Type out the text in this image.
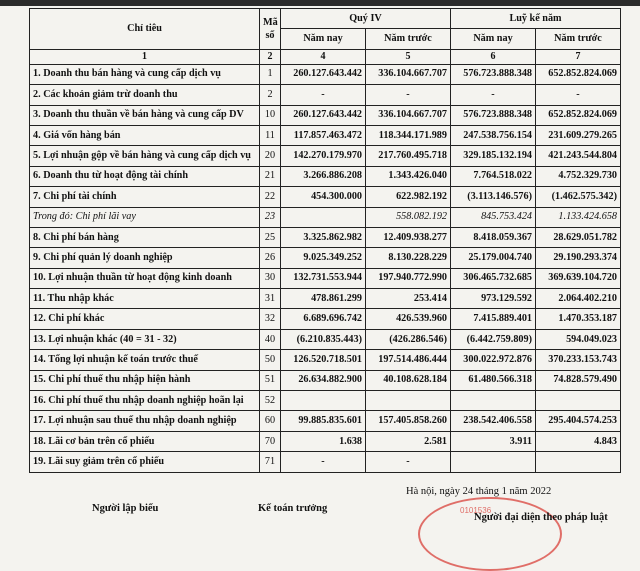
Chỉ tiêu	Mã
số	Quý IV		Luỹ kế năm	
		Năm nay	Năm trước	Năm nay	Năm trước
1	2	4	5	6	7
1. Doanh thu bán hàng và cung cấp dịch vụ	1	260.127.643.442	336.104.667.707	576.723.888.348	652.852.824.069
2. Các khoản giảm trừ doanh thu	2	-	-	-	-
3. Doanh thu thuần về bán hàng và cung cấp DV	10	260.127.643.442	336.104.667.707	576.723.888.348	652.852.824.069
4. Giá vốn hàng bán	11	117.857.463.472	118.344.171.989	247.538.756.154	231.609.279.265
5. Lợi nhuận gộp về bán hàng và cung cấp dịch vụ	20	142.270.179.970	217.760.495.718	329.185.132.194	421.243.544.804
6. Doanh thu từ hoạt động tài chính	21	3.266.886.208	1.343.426.040	7.764.518.022	4.752.329.730
7. Chi phí tài chính	22	454.300.000	622.982.192	(3.113.146.576)	(1.462.575.342)
Trong đó: Chi phí lãi vay	23		558.082.192	845.753.424	1.133.424.658
8. Chi phí bán hàng	25	3.325.862.982	12.409.938.277	8.418.059.367	28.629.051.782
9. Chi phí quản lý doanh nghiệp	26	9.025.349.252	8.130.228.229	25.179.004.740	29.190.293.374
10. Lợi nhuận thuần từ hoạt động kinh doanh	30	132.731.553.944	197.940.772.990	306.465.732.685	369.639.104.720
11. Thu nhập khác	31	478.861.299	253.414	973.129.592	2.064.402.210
12. Chi phí khác	32	6.689.696.742	426.539.960	7.415.889.401	1.470.353.187
13. Lợi nhuận khác (40 = 31 - 32)	40	(6.210.835.443)	(426.286.546)	(6.442.759.809)	594.049.023
14. Tổng lợi nhuận kế toán trước thuế	50	126.520.718.501	197.514.486.444	300.022.972.876	370.233.153.743
15. Chi phí thuế thu nhập hiện hành	51	26.634.882.900	40.108.628.184	61.480.566.318	74.828.579.490
16. Chi phí thuế thu nhập doanh nghiệp hoãn lại	52				
17. Lợi nhuận sau thuế thu nhập doanh nghiệp	60	99.885.835.601	157.405.858.260	238.542.406.558	295.404.574.253
18. Lãi cơ bản trên cổ phiếu	70	1.638	2.581	3.911	4.843
19. Lãi suy giảm trên cổ phiếu	71	-	-		
Hà nội, ngày 24 tháng 1 năm 2022
Người lập biểu	Kế toán trưởng	0101536
Người đại diện theo pháp luật
